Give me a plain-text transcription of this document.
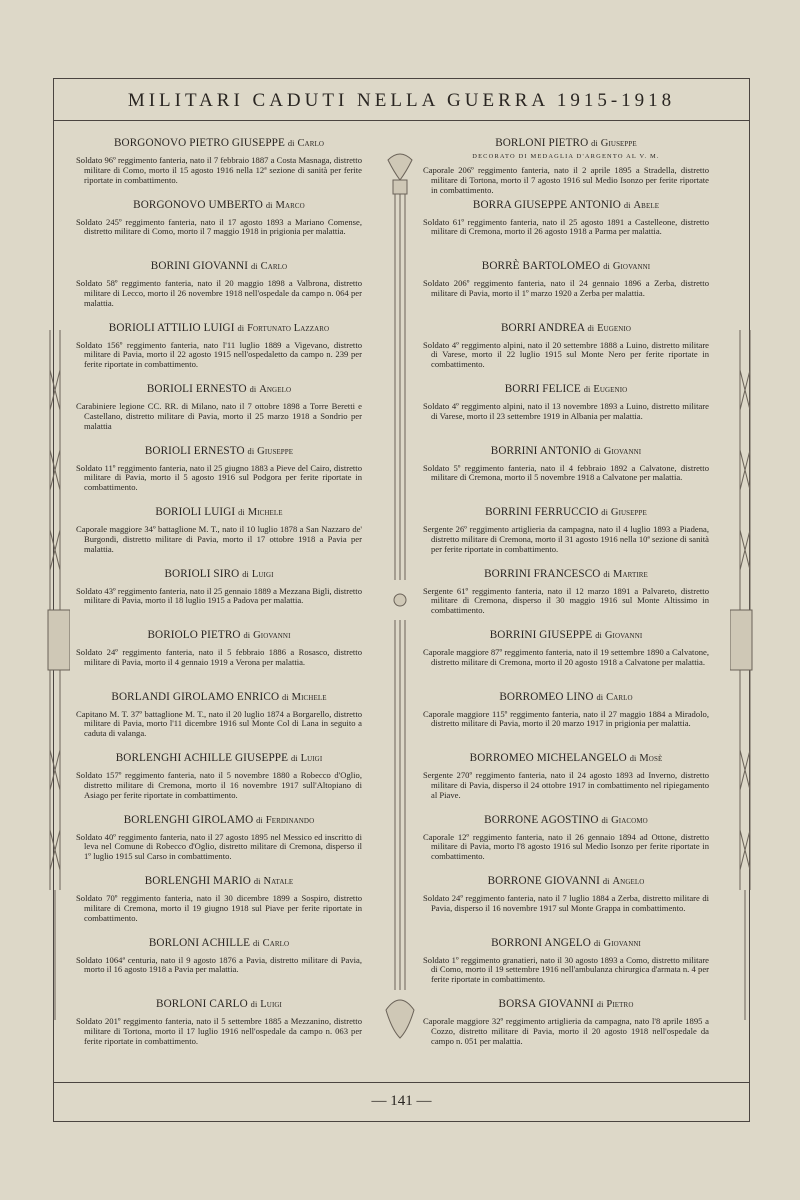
MILITARI CADUTI NELLA GUERRA 1915-1918
BORGONOVO PIETRO GIUSEPPE di Carlo
Soldato 96º reggimento fanteria, nato il 7 febbraio 1887 a Costa Masnaga, distretto militare di Como, morto il 15 agosto 1916 nella 12ª sezione di sanità per ferite riportate in combattimento.
BORGONOVO UMBERTO di Marco
Soldato 245º reggimento fanteria, nato il 17 agosto 1893 a Mariano Comense, distretto militare di Como, morto il 7 maggio 1918 in prigionia per malattia.
BORINI GIOVANNI di Carlo
Soldato 58º reggimento fanteria, nato il 20 maggio 1898 a Valbrona, distretto militare di Lecco, morto il 26 novembre 1918 nell'ospedale da campo n. 064 per malattia.
BORIOLI ATTILIO LUIGI di Fortunato Lazzaro
Soldato 156º reggimento fanteria, nato l'11 luglio 1889 a Vigevano, distretto militare di Pavia, morto il 22 agosto 1915 nell'ospedaletto da campo n. 239 per ferite riportate in combattimento.
BORIOLI ERNESTO di Angelo
Carabiniere legione CC. RR. di Milano, nato il 7 ottobre 1898 a Torre Beretti e Castellano, distretto militare di Pavia, morto il 25 marzo 1918 a Sondrio per malattia
BORIOLI ERNESTO di Giuseppe
Soldato 11º reggimento fanteria, nato il 25 giugno 1883 a Pieve del Cairo, distretto militare di Pavia, morto il 5 agosto 1916 sul Podgora per ferite riportate in combattimento.
BORIOLI LUIGI di Michele
Caporale maggiore 34º battaglione M. T., nato il 10 luglio 1878 a San Nazzaro de' Burgondi, distretto militare di Pavia, morto il 17 ottobre 1918 a Pavia per malattia.
BORIOLI SIRO di Luigi
Soldato 43º reggimento fanteria, nato il 25 gennaio 1889 a Mezzana Bigli, distretto militare di Pavia, morto il 18 luglio 1915 a Padova per malattia.
BORIOLO PIETRO di Giovanni
Soldato 24º reggimento fanteria, nato il 5 febbraio 1886 a Rosasco, distretto militare di Pavia, morto il 4 gennaio 1919 a Verona per malattia.
BORLANDI GIROLAMO ENRICO di Michele
Capitano M. T. 37º battaglione M. T., nato il 20 luglio 1874 a Borgarello, distretto militare di Pavia, morto l'11 dicembre 1916 sul Monte Col di Lana in seguito a caduta di valanga.
BORLENGHI ACHILLE GIUSEPPE di Luigi
Soldato 157º reggimento fanteria, nato il 5 novembre 1880 a Robecco d'Oglio, distretto militare di Cremona, morto il 16 novembre 1917 sull'Altopiano di Asiago per ferite riportate in combattimento.
BORLENGHI GIROLAMO di Ferdinando
Soldato 40º reggimento fanteria, nato il 27 agosto 1895 nel Messico ed inscritto di leva nel Comune di Robecco d'Oglio, distretto militare di Cremona, disperso il 1º luglio 1915 sul Carso in combattimento.
BORLENGHI MARIO di Natale
Soldato 70º reggimento fanteria, nato il 30 dicembre 1899 a Sospiro, distretto militare di Cremona, morto il 19 giugno 1918 sul Piave per ferite riportate in combattimento.
BORLONI ACHILLE di Carlo
Soldato 1064ª centuria, nato il 9 agosto 1876 a Pavia, distretto militare di Pavia, morto il 16 agosto 1918 a Pavia per malattia.
BORLONI CARLO di Luigi
Soldato 201º reggimento fanteria, nato il 5 settembre 1885 a Mezzanino, distretto militare di Tortona, morto il 17 luglio 1916 nell'ospedale da campo n. 063 per ferite riportate in combattimento.
BORLONI PIETRO di Giuseppe
DECORATO DI MEDAGLIA D'ARGENTO AL V. M.
Caporale 206º reggimento fanteria, nato il 2 aprile 1895 a Stradella, distretto militare di Tortona, morto il 7 agosto 1916 sul Medio Isonzo per ferite riportate in combattimento.
BORRA GIUSEPPE ANTONIO di Abele
Soldato 61º reggimento fanteria, nato il 25 agosto 1891 a Castelleone, distretto militare di Cremona, morto il 26 agosto 1918 a Parma per malattia.
BORRÈ BARTOLOMEO di Giovanni
Soldato 206º reggimento fanteria, nato il 24 gennaio 1896 a Zerba, distretto militare di Pavia, morto il 1º marzo 1920 a Zerba per malattia.
BORRI ANDREA di Eugenio
Soldato 4º reggimento alpini, nato il 20 settembre 1888 a Luino, distretto militare di Varese, morto il 22 luglio 1915 sul Monte Nero per ferite riportate in combattimento.
BORRI FELICE di Eugenio
Soldato 4º reggimento alpini, nato il 13 novembre 1893 a Luino, distretto militare di Varese, morto il 23 settembre 1919 in Albania per malattia.
BORRINI ANTONIO di Giovanni
Soldato 5º reggimento fanteria, nato il 4 febbraio 1892 a Calvatone, distretto militare di Cremona, morto il 5 novembre 1918 a Calvatone per malattia.
BORRINI FERRUCCIO di Giuseppe
Sergente 26º reggimento artiglieria da campagna, nato il 4 luglio 1893 a Piadena, distretto militare di Cremona, morto il 31 agosto 1916 nella 10ª sezione di sanità per ferite riportate in combattimento.
BORRINI FRANCESCO di Martire
Sergente 61º reggimento fanteria, nato il 12 marzo 1891 a Palvareto, distretto militare di Cremona, disperso il 30 maggio 1916 sul Monte Altissimo in combattimento.
BORRINI GIUSEPPE di Giovanni
Caporale maggiore 87º reggimento fanteria, nato il 19 settembre 1890 a Calvatone, distretto militare di Cremona, morto il 20 agosto 1918 a Calvatone per malattia.
BORROMEO LINO di Carlo
Caporale maggiore 115º reggimento fanteria, nato il 27 maggio 1884 a Miradolo, distretto militare di Pavia, morto il 20 marzo 1917 in prigionia per malattia.
BORROMEO MICHELANGELO di Mosè
Sergente 270º reggimento fanteria, nato il 24 agosto 1893 ad Inverno, distretto militare di Pavia, disperso il 24 ottobre 1917 in combattimento nel ripiegamento al Piave.
BORRONE AGOSTINO di Giacomo
Caporale 12º reggimento fanteria, nato il 26 gennaio 1894 ad Ottone, distretto militare di Pavia, morto l'8 agosto 1916 sul Medio Isonzo per ferite riportate in combattimento.
BORRONE GIOVANNI di Angelo
Soldato 24º reggimento fanteria, nato il 7 luglio 1884 a Zerba, distretto militare di Pavia, disperso il 16 novembre 1917 sul Monte Grappa in combattimento.
BORRONI ANGELO di Giovanni
Soldato 1º reggimento granatieri, nato il 30 agosto 1893 a Como, distretto militare di Como, morto il 19 settembre 1916 nell'ambulanza chirurgica d'armata n. 4 per ferite riportate in combattimento.
BORSA GIOVANNI di Pietro
Caporale maggiore 32º reggimento artiglieria da campagna, nato l'8 aprile 1895 a Cozzo, distretto militare di Pavia, morto il 20 agosto 1918 nell'ospedale da campo n. 051 per malattia.
— 141 —
